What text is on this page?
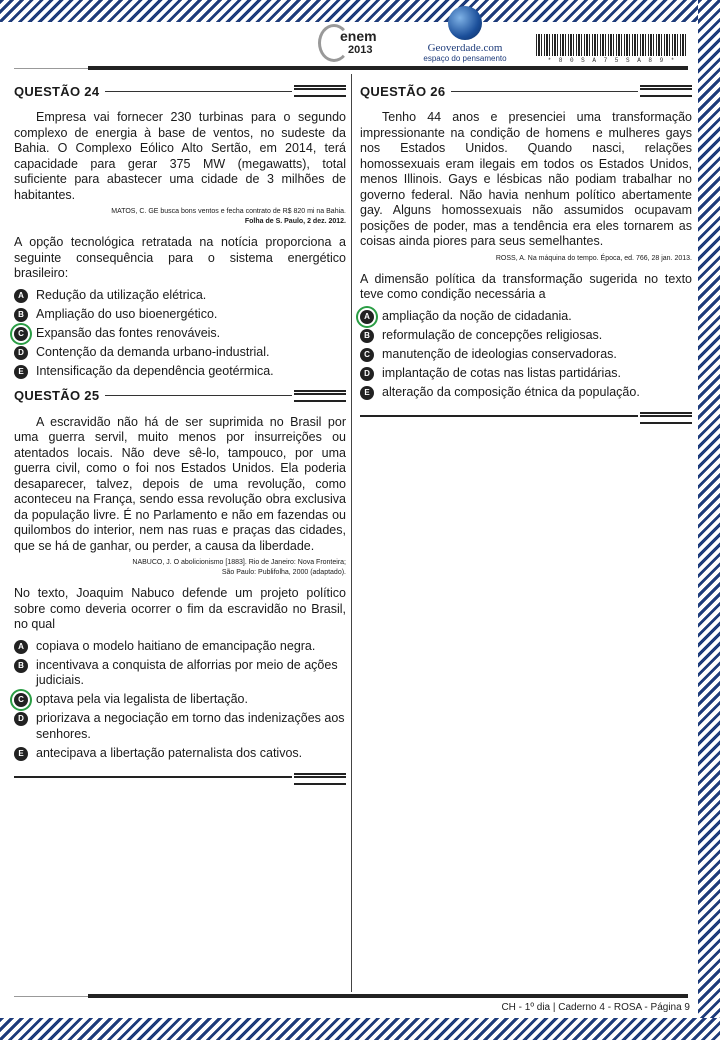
enem
2013	Geoverdade.com
espaço do pensamento	* 8 0 S A 7 5 S A 8 9 *
QUESTÃO 24

Empresa vai fornecer 230 turbinas para o segundo complexo de energia à base de ventos, no sudeste da Bahia. O Complexo Eólico Alto Sertão, em 2014, terá capacidade para gerar 375 MW (megawatts), total suficiente para abastecer uma cidade de 3 milhões de habitantes.

MATOS, C. GE busca bons ventos e fecha contrato de R$ 820 mi na Bahia.
Folha de S. Paulo, 2 dez. 2012.

A opção tecnológica retratada na notícia proporciona a seguinte consequência para o sistema energético brasileiro:

A Redução da utilização elétrica.
B Ampliação do uso bioenergético.
C Expansão das fontes renováveis.
D Contenção da demanda urbano-industrial.
E Intensificação da dependência geotérmica.
QUESTÃO 25

A escravidão não há de ser suprimida no Brasil por uma guerra servil, muito menos por insurreições ou atentados locais. Não deve sê-lo, tampouco, por uma guerra civil, como o foi nos Estados Unidos. Ela poderia desaparecer, talvez, depois de uma revolução, como aconteceu na França, sendo essa revolução obra exclusiva da população livre. É no Parlamento e não em fazendas ou quilombos do interior, nem nas ruas e praças das cidades, que se há de ganhar, ou perder, a causa da liberdade.

NABUCO, J. O abolicionismo [1883]. Rio de Janeiro: Nova Fronteira;
São Paulo: Publifolha, 2000 (adaptado).

No texto, Joaquim Nabuco defende um projeto político sobre como deveria ocorrer o fim da escravidão no Brasil, no qual

A copiava o modelo haitiano de emancipação negra.
B incentivava a conquista de alforrias por meio de ações judiciais.
C optava pela via legalista de libertação.
D priorizava a negociação em torno das indenizações aos senhores.
E antecipava a libertação paternalista dos cativos.
QUESTÃO 26

Tenho 44 anos e presenciei uma transformação impressionante na condição de homens e mulheres gays nos Estados Unidos. Quando nasci, relações homossexuais eram ilegais em todos os Estados Unidos, menos Illinois. Gays e lésbicas não podiam trabalhar no governo federal. Não havia nenhum político abertamente gay. Alguns homossexuais não assumidos ocupavam posições de poder, mas a tendência era eles tornarem as coisas ainda piores para seus semelhantes.

ROSS, A. Na máquina do tempo. Época, ed. 766, 28 jan. 2013.

A dimensão política da transformação sugerida no texto teve como condição necessária a

A ampliação da noção de cidadania.
B reformulação de concepções religiosas.
C manutenção de ideologias conservadoras.
D implantação de cotas nas listas partidárias.
E alteração da composição étnica da população.
CH - 1º dia | Caderno 4 - ROSA - Página 9
